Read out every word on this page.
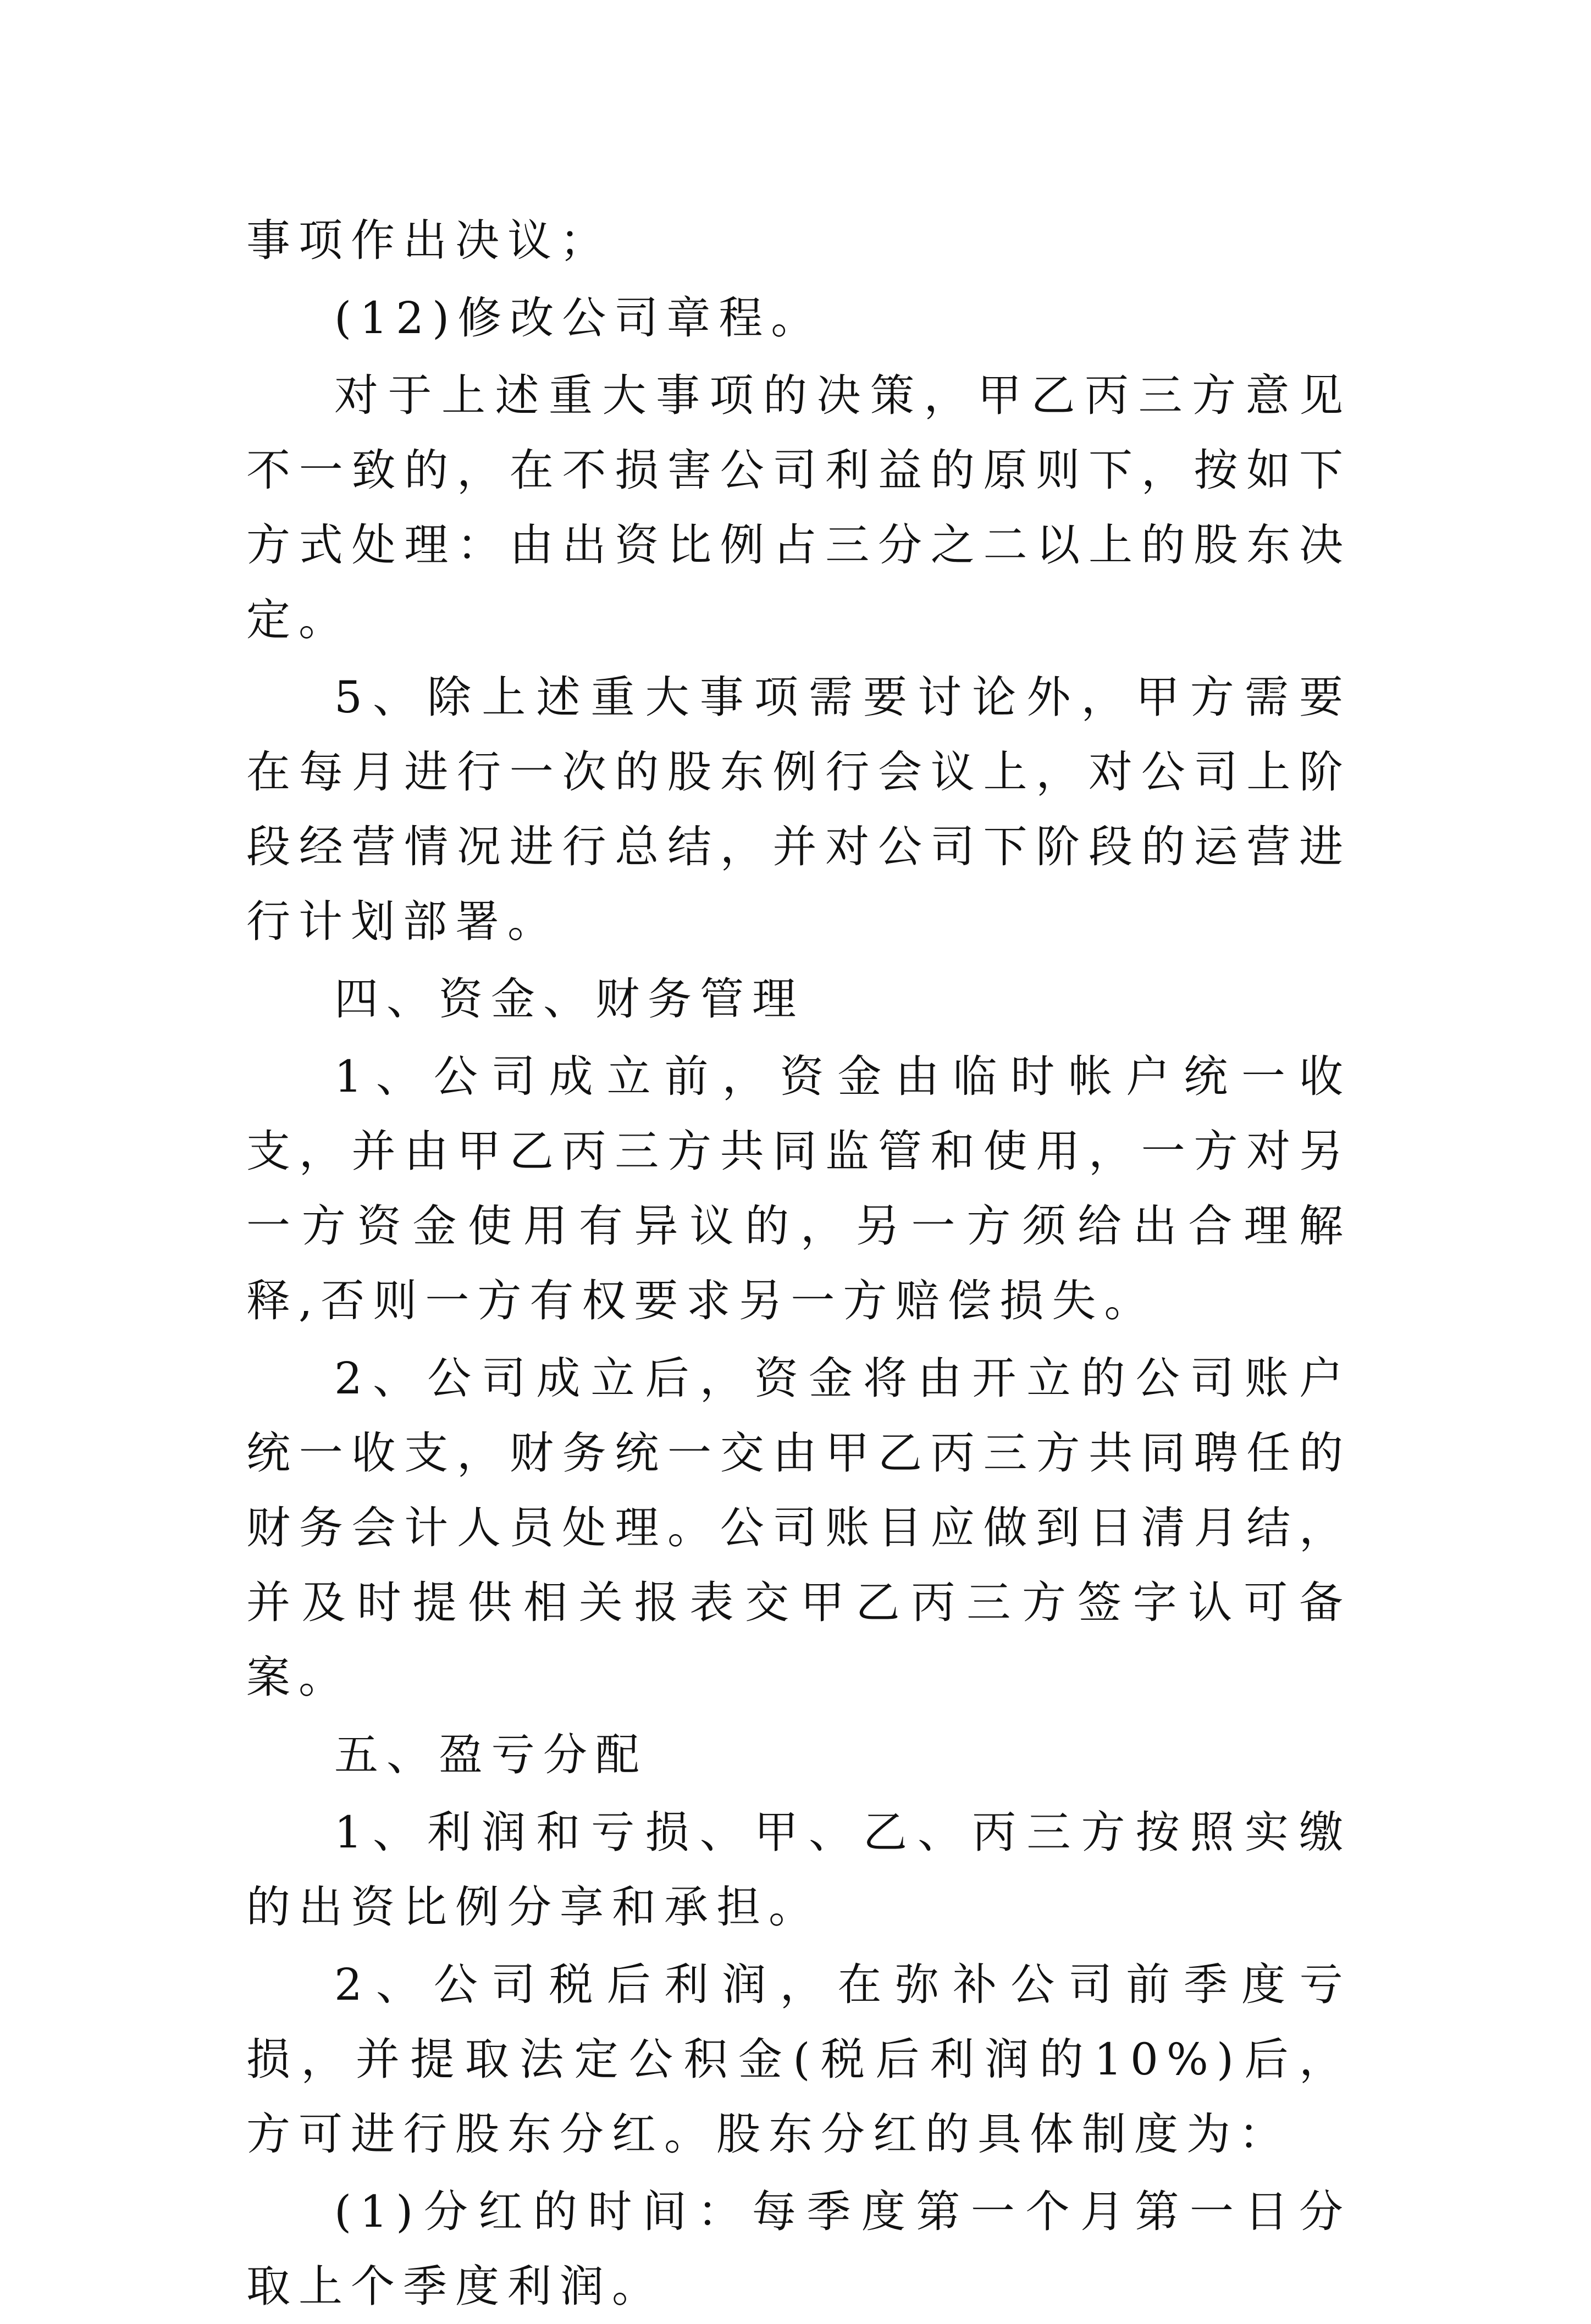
事项作出决议；

(12)修改公司章程。

对于上述重大事项的决策，甲乙丙三方意见不一致的，在不损害公司利益的原则下，按如下方式处理：由出资比例占三分之二以上的股东决定。

5、除上述重大事项需要讨论外，甲方需要在每月进行一次的股东例行会议上，对公司上阶段经营情况进行总结，并对公司下阶段的运营进行计划部署。

四、资金、财务管理

1、公司成立前，资金由临时帐户统一收支，并由甲乙丙三方共同监管和使用，一方对另一方资金使用有异议的，另一方须给出合理解释,否则一方有权要求另一方赔偿损失。

2、公司成立后，资金将由开立的公司账户统一收支，财务统一交由甲乙丙三方共同聘任的财务会计人员处理。公司账目应做到日清月结，并及时提供相关报表交甲乙丙三方签字认可备案。

五、盈亏分配

1、利润和亏损、甲、乙、丙三方按照实缴的出资比例分享和承担。

2、公司税后利润，在弥补公司前季度亏损，并提取法定公积金(税后利润的10%)后，方可进行股东分红。股东分红的具体制度为：

(1)分红的时间：每季度第一个月第一日分取上个季度利润。
